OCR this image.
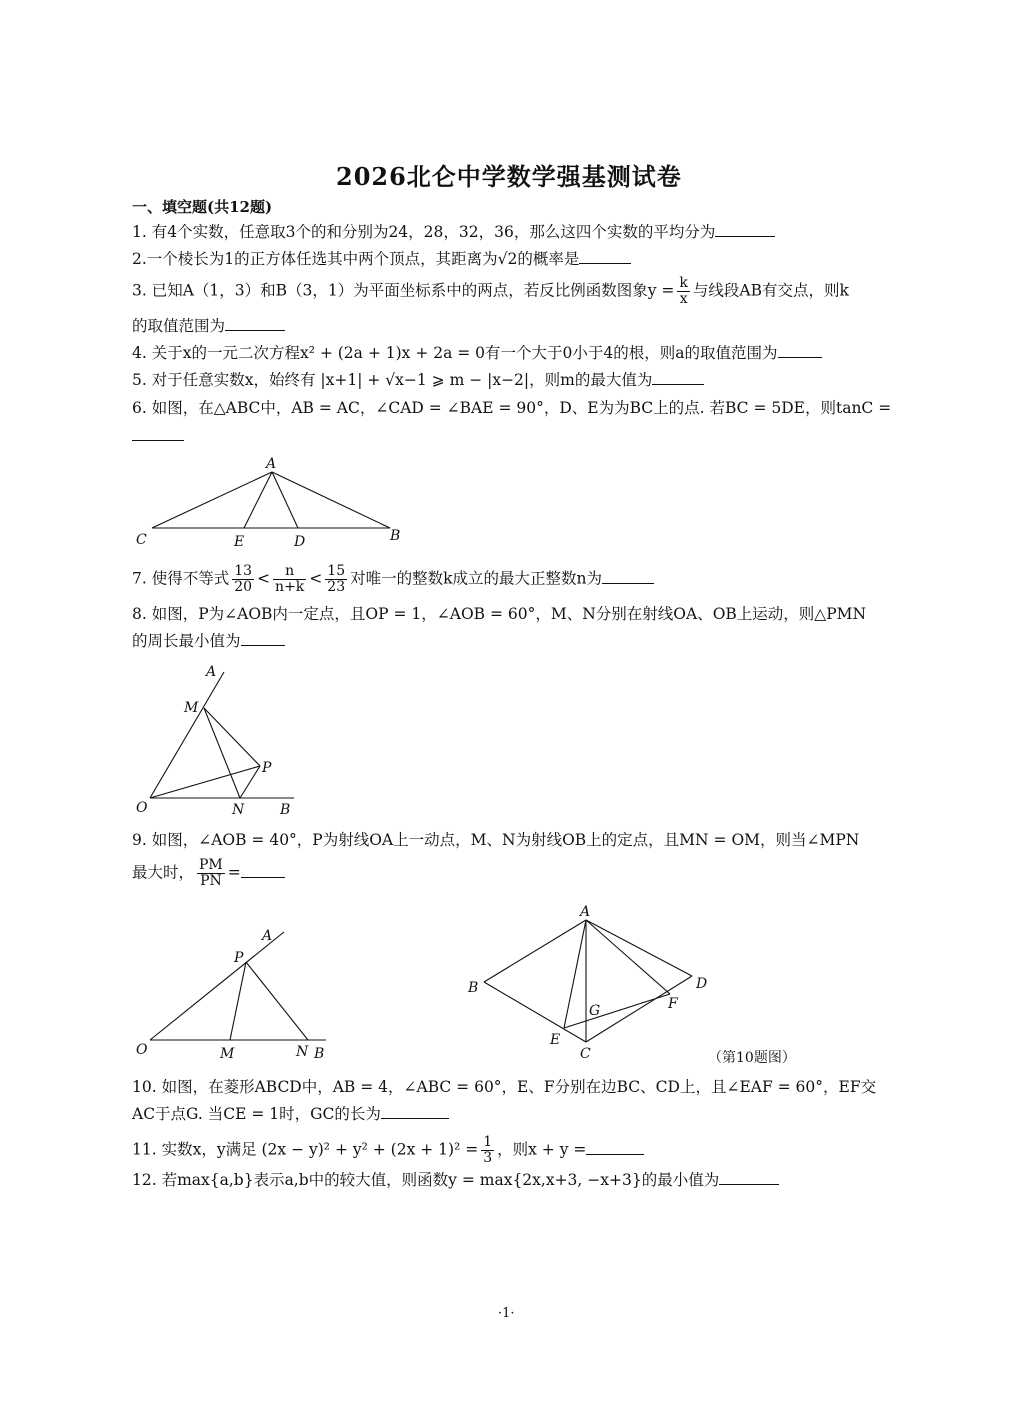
2026北仑中学数学强基测试卷
一、填空题(共12题)
1. 有4个实数，任意取3个的和分别为24，28，32，36，那么这四个实数的平均分为
2.一个棱长为1的正方体任选其中两个顶点，其距离为√2的概率是
3. 已知A（1，3）和B（3，1）为平面坐标系中的两点，若反比例函数图象$y = \frac{k}{x}$ 与线段AB有交点，则k
的取值范围为
4. 关于x的一元二次方程x² + (2a + 1)x + 2a = 0有一个大于0小于4的根，则a的取值范围为
5. 对于任意实数x，始终有 |x+1| + √x−1 ⩾ m − |x−2|，则m的最大值为
6. 如图，在△ABC中，AB = AC，∠CAD = ∠BAE = 90°，D、E为为BC上的点. 若BC = 5DE，则tanC =
A
C	E	D	B
7. 使得不等式 $\frac{13}{20} < \frac{n}{n+k} < \frac{15}{23}$ 对唯一的整数k成立的最大正整数n为
8. 如图，P为∠AOB内一定点，且OP = 1，∠AOB = 60°，M、N分别在射线OA、OB上运动，则△PMN
的周长最小值为
A
M
P
O	N	B
9. 如图，∠AOB = 40°，P为射线OA上一动点，M、N为射线OB上的定点，且MN = OM，则当∠MPN
最大时， $\frac{PM}{PN}$ =
A
P
O	M	N B
A
B	D
E
C
F
G
（第10题图）
10. 如图，在菱形ABCD中，AB = 4，∠ABC = 60°，E、F分别在边BC、CD上，且∠EAF = 60°，EF交
AC于点G. 当CE = 1时，GC的长为
11. 实数x，y满足 $(2x - y)^2 + y^2 + (2x + 1)^2 = \frac{1}{3}$ ，则x + y =
12. 若max{a,b}表示a,b中的较大值，则函数y = max{2x,x+3, −x+3}的最小值为
·1·
